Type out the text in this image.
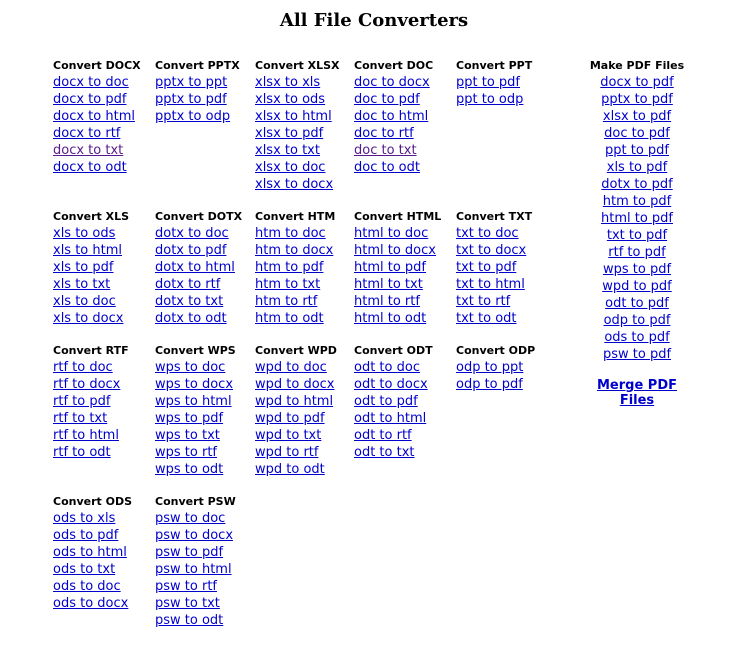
All File Converters
Convert DOCX
docx to doc
docx to pdf
docx to html
docx to rtf
docx to txt
docx to odt
Convert PPTX
pptx to ppt
pptx to pdf
pptx to odp
Convert XLSX
xlsx to xls
xlsx to ods
xlsx to html
xlsx to pdf
xlsx to txt
xlsx to doc
xlsx to docx
Convert DOC
doc to docx
doc to pdf
doc to html
doc to rtf
doc to txt
doc to odt
Convert PPT
ppt to pdf
ppt to odp
Convert XLS
xls to ods
xls to html
xls to pdf
xls to txt
xls to doc
xls to docx
Convert DOTX
dotx to doc
dotx to pdf
dotx to html
dotx to rtf
dotx to txt
dotx to odt
Convert HTM
htm to doc
htm to docx
htm to pdf
htm to txt
htm to rtf
htm to odt
Convert HTML
html to doc
html to docx
html to pdf
html to txt
html to rtf
html to odt
Convert TXT
txt to doc
txt to docx
txt to pdf
txt to html
txt to rtf
txt to odt
Convert RTF
rtf to doc
rtf to docx
rtf to pdf
rtf to txt
rtf to html
rtf to odt
Convert WPS
wps to doc
wps to docx
wps to html
wps to pdf
wps to txt
wps to rtf
wps to odt
Convert WPD
wpd to doc
wpd to docx
wpd to html
wpd to pdf
wpd to txt
wpd to rtf
wpd to odt
Convert ODT
odt to doc
odt to docx
odt to pdf
odt to html
odt to rtf
odt to txt
Convert ODP
odp to ppt
odp to pdf
Convert ODS
ods to xls
ods to pdf
ods to html
ods to txt
ods to doc
ods to docx
Convert PSW
psw to doc
psw to docx
psw to pdf
psw to html
psw to rtf
psw to txt
psw to odt
Make PDF Files
docx to pdf
pptx to pdf
xlsx to pdf
doc to pdf
ppt to pdf
xls to pdf
dotx to pdf
htm to pdf
html to pdf
txt to pdf
rtf to pdf
wps to pdf
wpd to pdf
odt to pdf
odp to pdf
ods to pdf
psw to pdf
Merge PDF Files
